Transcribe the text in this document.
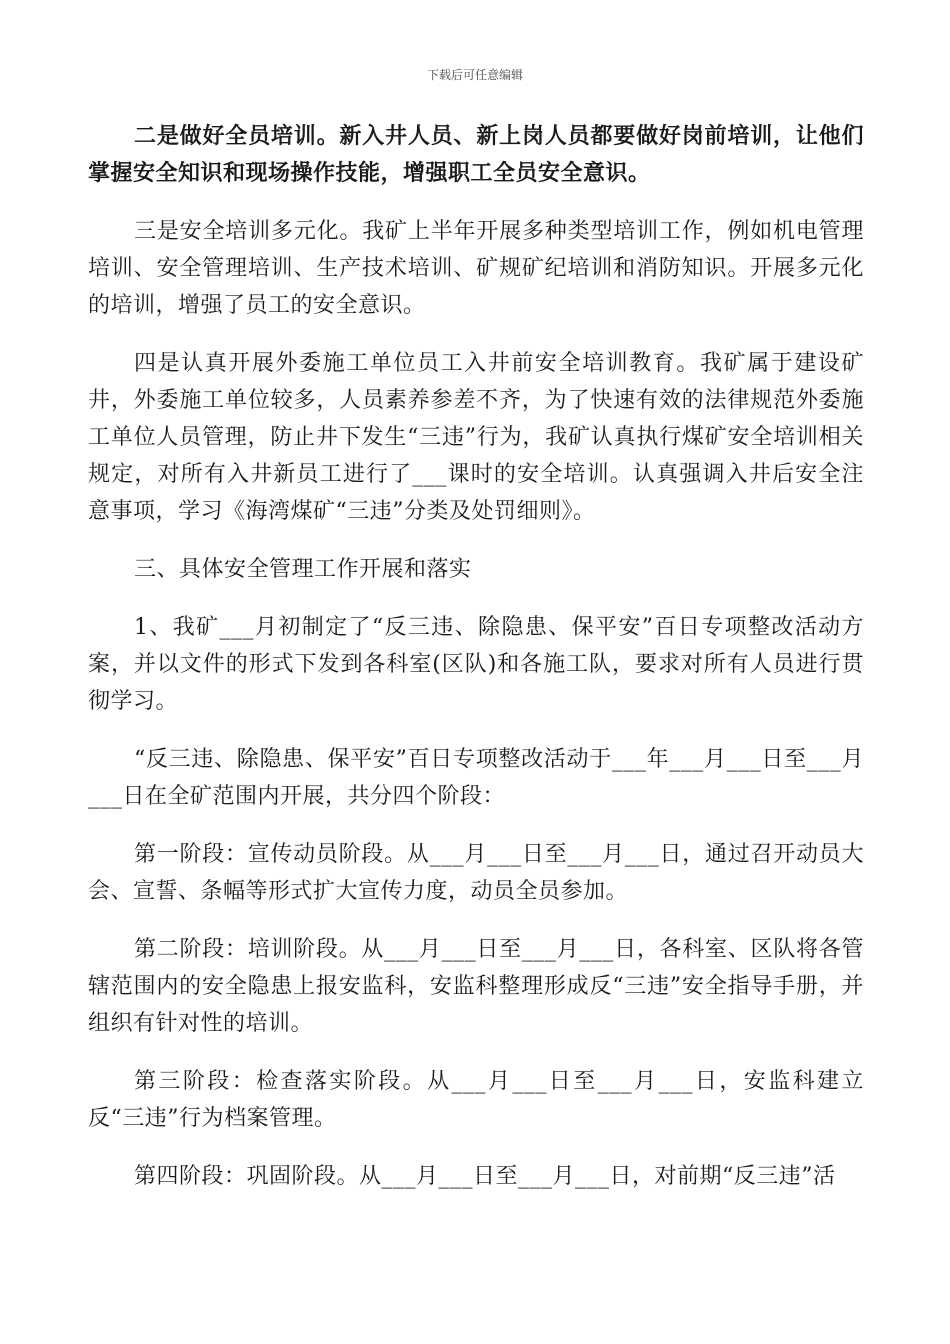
下载后可任意编辑

二是做好全员培训。新入井人员、新上岗人员都要做好岗前培训，让他们掌握安全知识和现场操作技能，增强职工全员安全意识。

三是安全培训多元化。我矿上半年开展多种类型培训工作，例如机电管理培训、安全管理培训、生产技术培训、矿规矿纪培训和消防知识。开展多元化的培训，增强了员工的安全意识。

四是认真开展外委施工单位员工入井前安全培训教育。我矿属于建设矿井，外委施工单位较多，人员素养参差不齐，为了快速有效的法律规范外委施工单位人员管理，防止井下发生“三违”行为，我矿认真执行煤矿安全培训相关规定，对所有入井新员工进行了___课时的安全培训。认真强调入井后安全注意事项，学习《海湾煤矿“三违”分类及处罚细则》。

三、具体安全管理工作开展和落实

1、我矿___月初制定了“反三违、除隐患、保平安”百日专项整改活动方案，并以文件的形式下发到各科室(区队)和各施工队，要求对所有人员进行贯彻学习。

“反三违、除隐患、保平安”百日专项整改活动于___年___月___日至___月___日在全矿范围内开展，共分四个阶段：

第一阶段：宣传动员阶段。从___月___日至___月___日，通过召开动员大会、宣誓、条幅等形式扩大宣传力度，动员全员参加。

第二阶段：培训阶段。从___月___日至___月___日，各科室、区队将各管辖范围内的安全隐患上报安监科，安监科整理形成反“三违”安全指导手册，并组织有针对性的培训。

第三阶段：检查落实阶段。从___月___日至___月___日，安监科建立反“三违”行为档案管理。

第四阶段：巩固阶段。从___月___日至___月___日，对前期“反三违”活
